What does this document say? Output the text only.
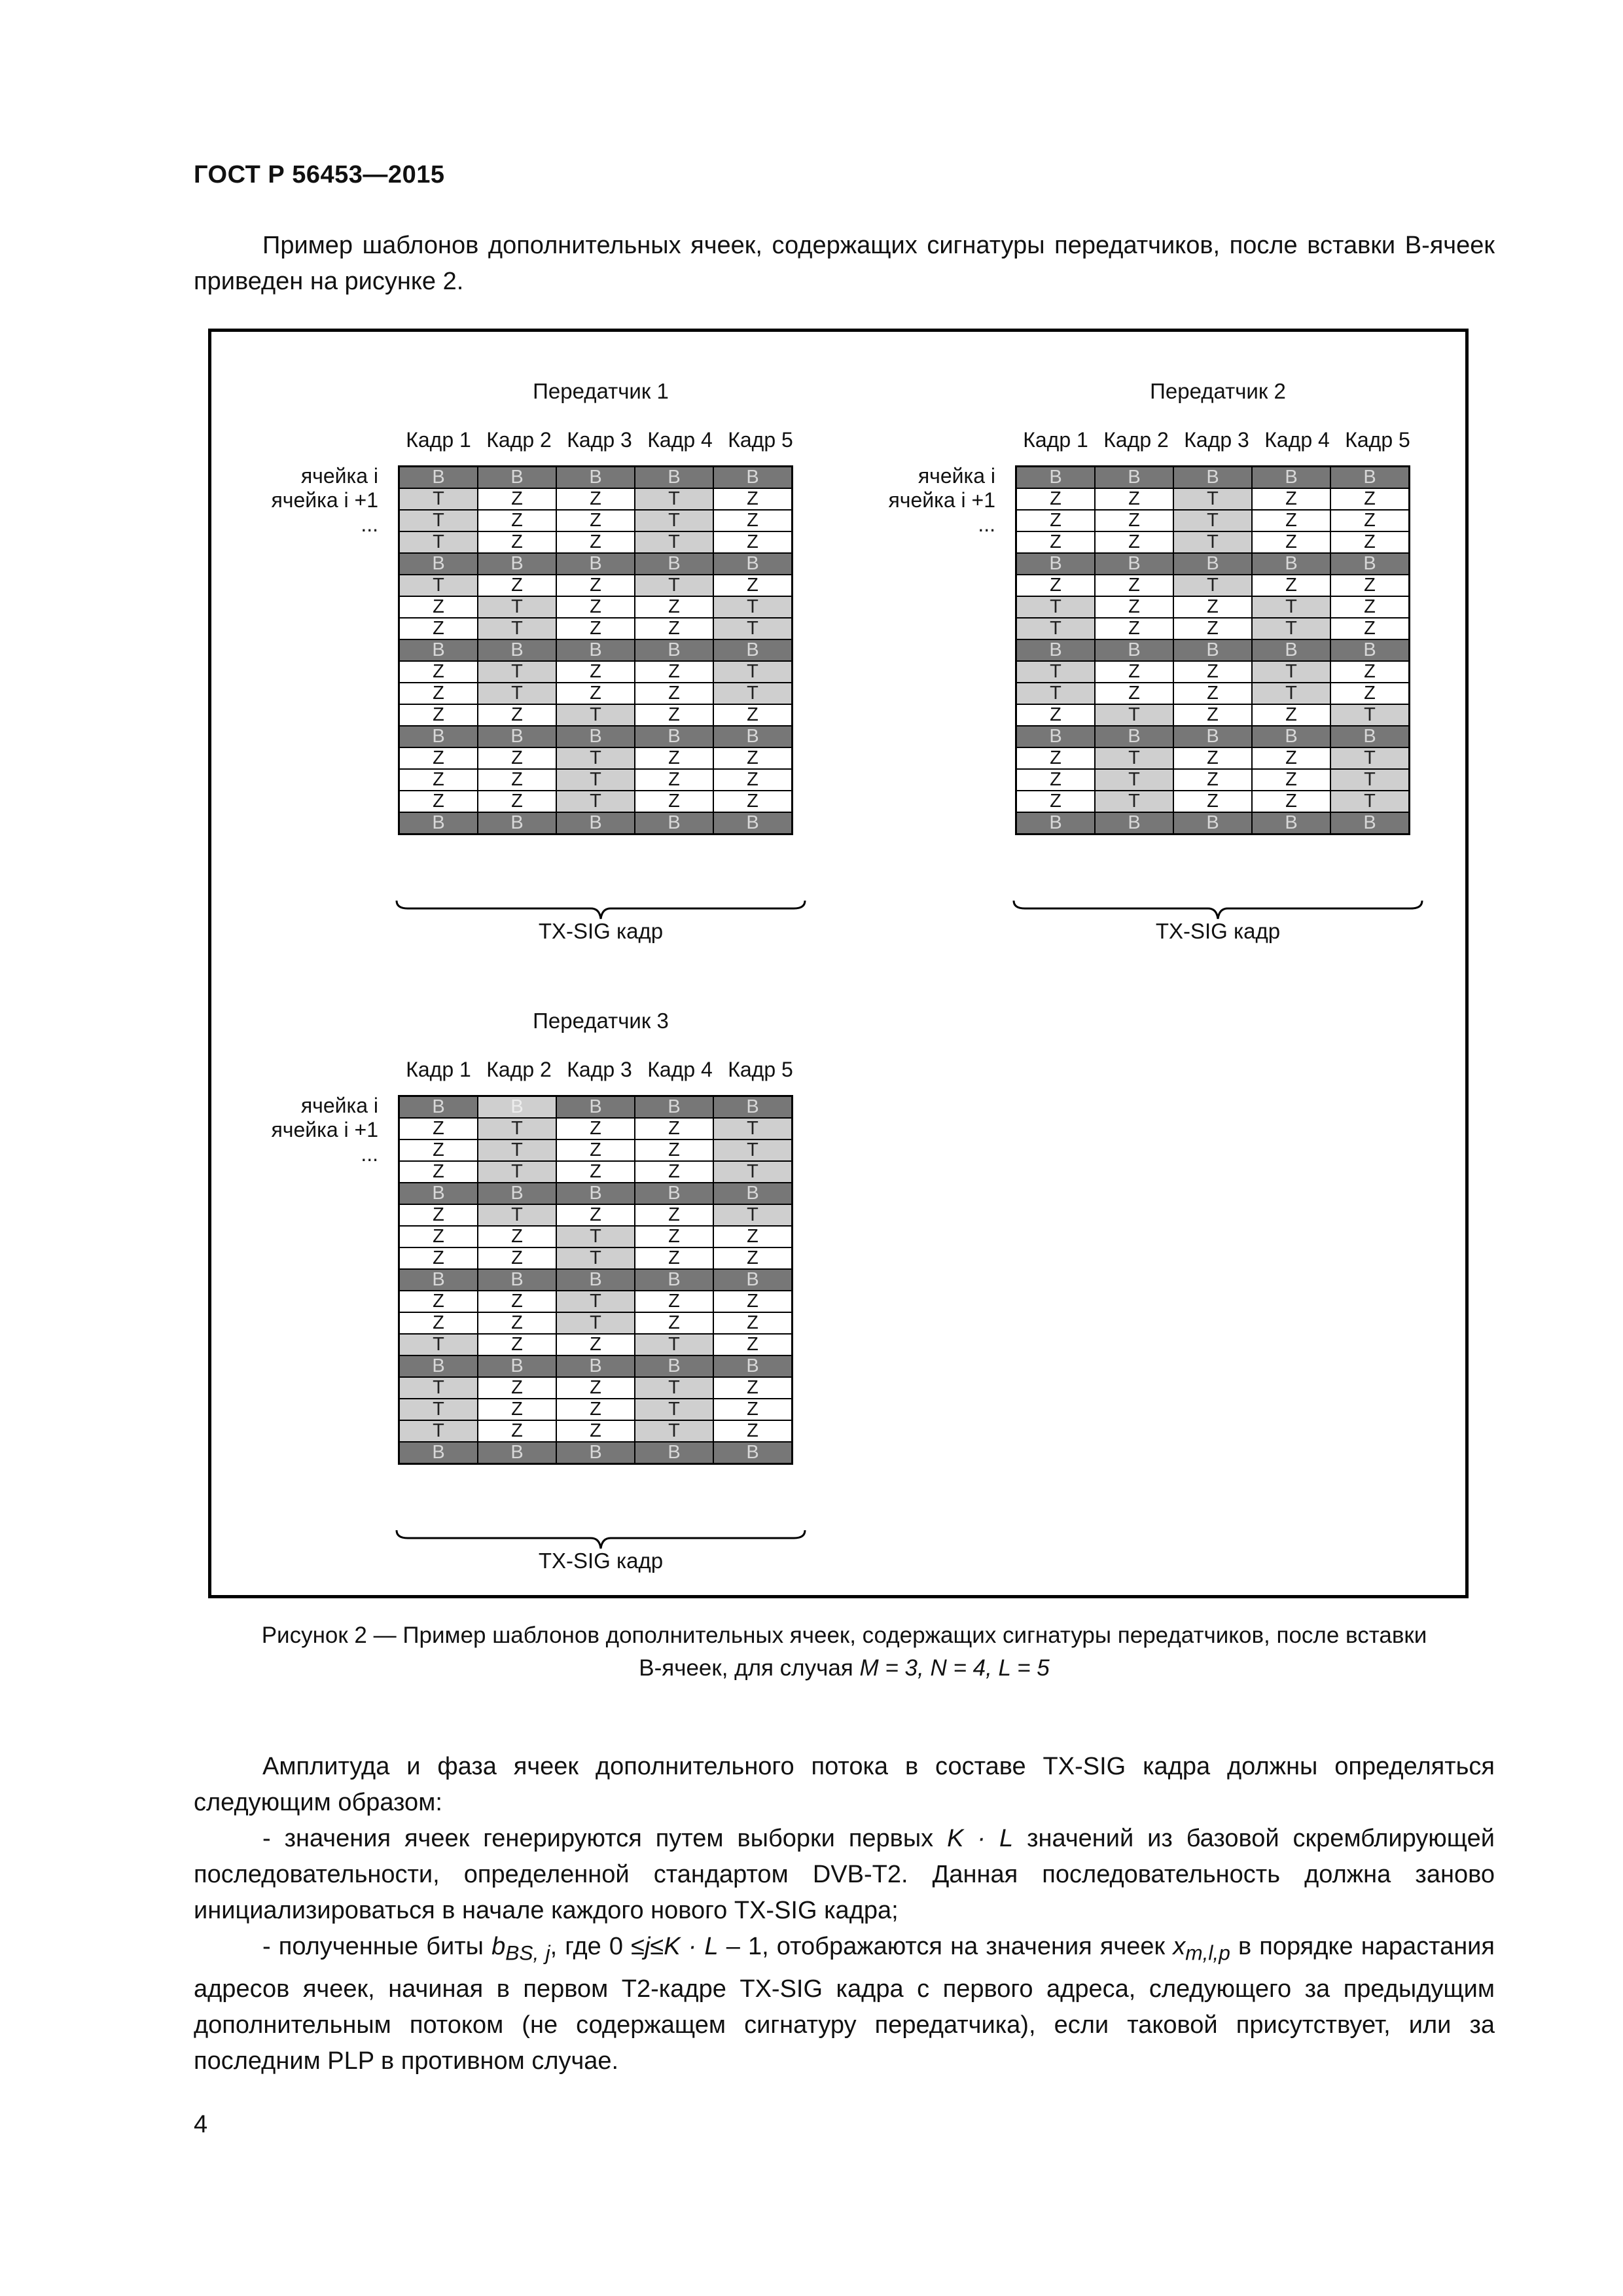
ГОСТ Р 56453—2015
Пример шаблонов дополнительных ячеек, содержащих сигнатуры передатчиков, после вставки В-ячеек приведен на рисунке 2.
Передатчик 1
Кадр 1 Кадр 2 Кадр 3 Кадр 4 Кадр 5
ячейка i
ячейка i +1
...
B	B	B	B	B
T	Z	Z	T	Z
T	Z	Z	T	Z
T	Z	Z	T	Z
B	B	B	B	B
T	Z	Z	T	Z
Z	T	Z	Z	T
Z	T	Z	Z	T
B	B	B	B	B
Z	T	Z	Z	T
Z	T	Z	Z	T
Z	Z	T	Z	Z
B	B	B	B	B
Z	Z	T	Z	Z
Z	Z	T	Z	Z
Z	Z	T	Z	Z
B	B	B	B	B
TX-SIG кадр
Передатчик 2
Кадр 1 Кадр 2 Кадр 3 Кадр 4 Кадр 5
ячейка i
ячейка i +1
...
B	B	B	B	B
Z	Z	T	Z	Z
Z	Z	T	Z	Z
Z	Z	T	Z	Z
B	B	B	B	B
Z	Z	T	Z	Z
T	Z	Z	T	Z
T	Z	Z	T	Z
B	B	B	B	B
T	Z	Z	T	Z
T	Z	Z	T	Z
Z	T	Z	Z	T
B	B	B	B	B
Z	T	Z	Z	T
Z	T	Z	Z	T
Z	T	Z	Z	T
B	B	B	B	B
TX-SIG кадр
Передатчик 3
Кадр 1 Кадр 2 Кадр 3 Кадр 4 Кадр 5
ячейка i
ячейка i +1
...
B	B	B	B	B
Z	T	Z	Z	T
Z	T	Z	Z	T
Z	T	Z	Z	T
B	B	B	B	B
Z	T	Z	Z	T
Z	Z	T	Z	Z
Z	Z	T	Z	Z
B	B	B	B	B
Z	Z	T	Z	Z
Z	Z	T	Z	Z
T	Z	Z	T	Z
B	B	B	B	B
T	Z	Z	T	Z
T	Z	Z	T	Z
T	Z	Z	T	Z
B	B	B	B	B
TX-SIG кадр
Рисунок 2 — Пример шаблонов дополнительных ячеек, содержащих сигнатуры передатчиков, после вставки
В-ячеек, для случая M = 3, N = 4, L = 5

Амплитуда и фаза ячеек дополнительного потока в составе TX-SIG кадра должны определяться следующим образом:

- значения ячеек генерируются путем выборки первых K · L значений из базовой скремблирующей последовательности, определенной стандартом DVB-T2. Данная последовательность должна заново инициализироваться в начале каждого нового TX-SIG кадра;

- полученные биты $b_{BS, j}$, где 0 ≤j≤K · L – 1, отображаются на значения ячеек $x_{m,l,p}$ в порядке нарастания адресов ячеек, начиная в первом Т2-кадре TX-SIG кадра с первого адреса, следующего за предыдущим дополнительным потоком (не содержащем сигнатуру передатчика), если таковой присутствует, или за последним PLP в противном случае.

4
